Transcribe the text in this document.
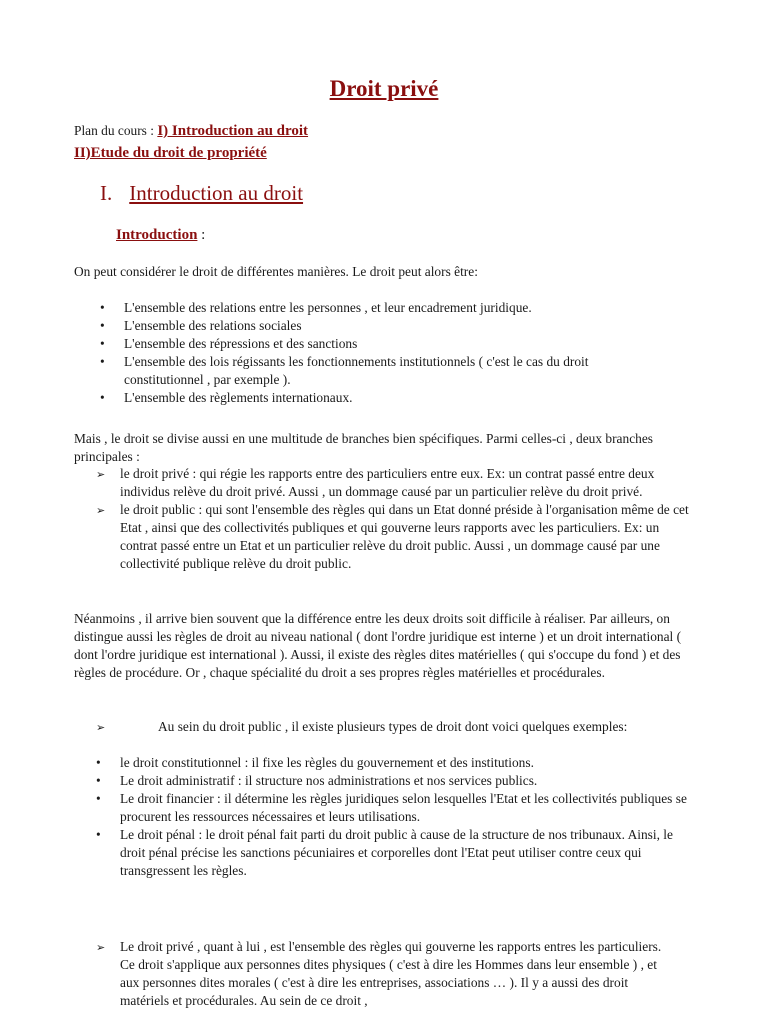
Droit privé
Plan du cours : I) Introduction au droit
II)Etude du droit de propriété
I. Introduction au droit
Introduction :

On peut considérer le droit de différentes manières. Le droit peut alors être:

• L'ensemble des relations entre les personnes , et leur encadrement juridique.
• L'ensemble des relations sociales
• L'ensemble des répressions et des sanctions
• L'ensemble des lois régissants les fonctionnements institutionnels ( c'est le cas du droit constitutionnel , par exemple ).
• L'ensemble des règlements internationaux.

Mais , le droit se divise aussi en une multitude de branches bien spécifiques. Parmi celles-ci , deux branches principales :

➢ le droit privé : qui régie les rapports entre des particuliers entre eux. Ex: un contrat passé entre deux individus relève du droit privé. Aussi , un dommage causé par un particulier relève du droit privé.
➢ le droit public : qui sont l'ensemble des règles qui dans un Etat donné préside à l'organisation même de cet Etat , ainsi que des collectivités publiques et qui gouverne leurs rapports avec les particuliers. Ex: un contrat passé entre un Etat et un particulier relève du droit public. Aussi , un dommage causé par une collectivité publique relève du droit public.

Néanmoins , il arrive bien souvent que la différence entre les deux droits soit difficile à réaliser. Par ailleurs, on distingue aussi les règles de droit au niveau national ( dont l'ordre juridique est interne ) et un droit international ( dont l'ordre juridique est international ). Aussi, il existe des règles dites matérielles ( qui s'occupe du fond ) et des règles de procédure. Or , chaque spécialité du droit a ses propres règles matérielles et procédurales.

➢	Au sein du droit public , il existe plusieurs types de droit dont voici quelques exemples:
• le droit constitutionnel : il fixe les règles du gouvernement et des institutions.
• Le droit administratif : il structure nos administrations et nos services publics.
• Le droit financier : il détermine les règles juridiques selon lesquelles l'Etat et les collectivités publiques se procurent les ressources nécessaires et leurs utilisations.
• Le droit pénal : le droit pénal fait parti du droit public à cause de la structure de nos tribunaux. Ainsi, le droit pénal précise les sanctions pécuniaires et corporelles dont l'Etat peut utiliser contre ceux qui transgressent les règles.
➢ Le droit privé , quant à lui , est l'ensemble des règles qui gouverne les rapports entres les particuliers. Ce droit s'applique aux personnes dites physiques ( c'est à dire les Hommes dans leur ensemble ) , et aux personnes dites morales ( c'est à dire les entreprises, associations … ). Il y a aussi des droit matériels et procédurales. Au sein de ce droit ,
